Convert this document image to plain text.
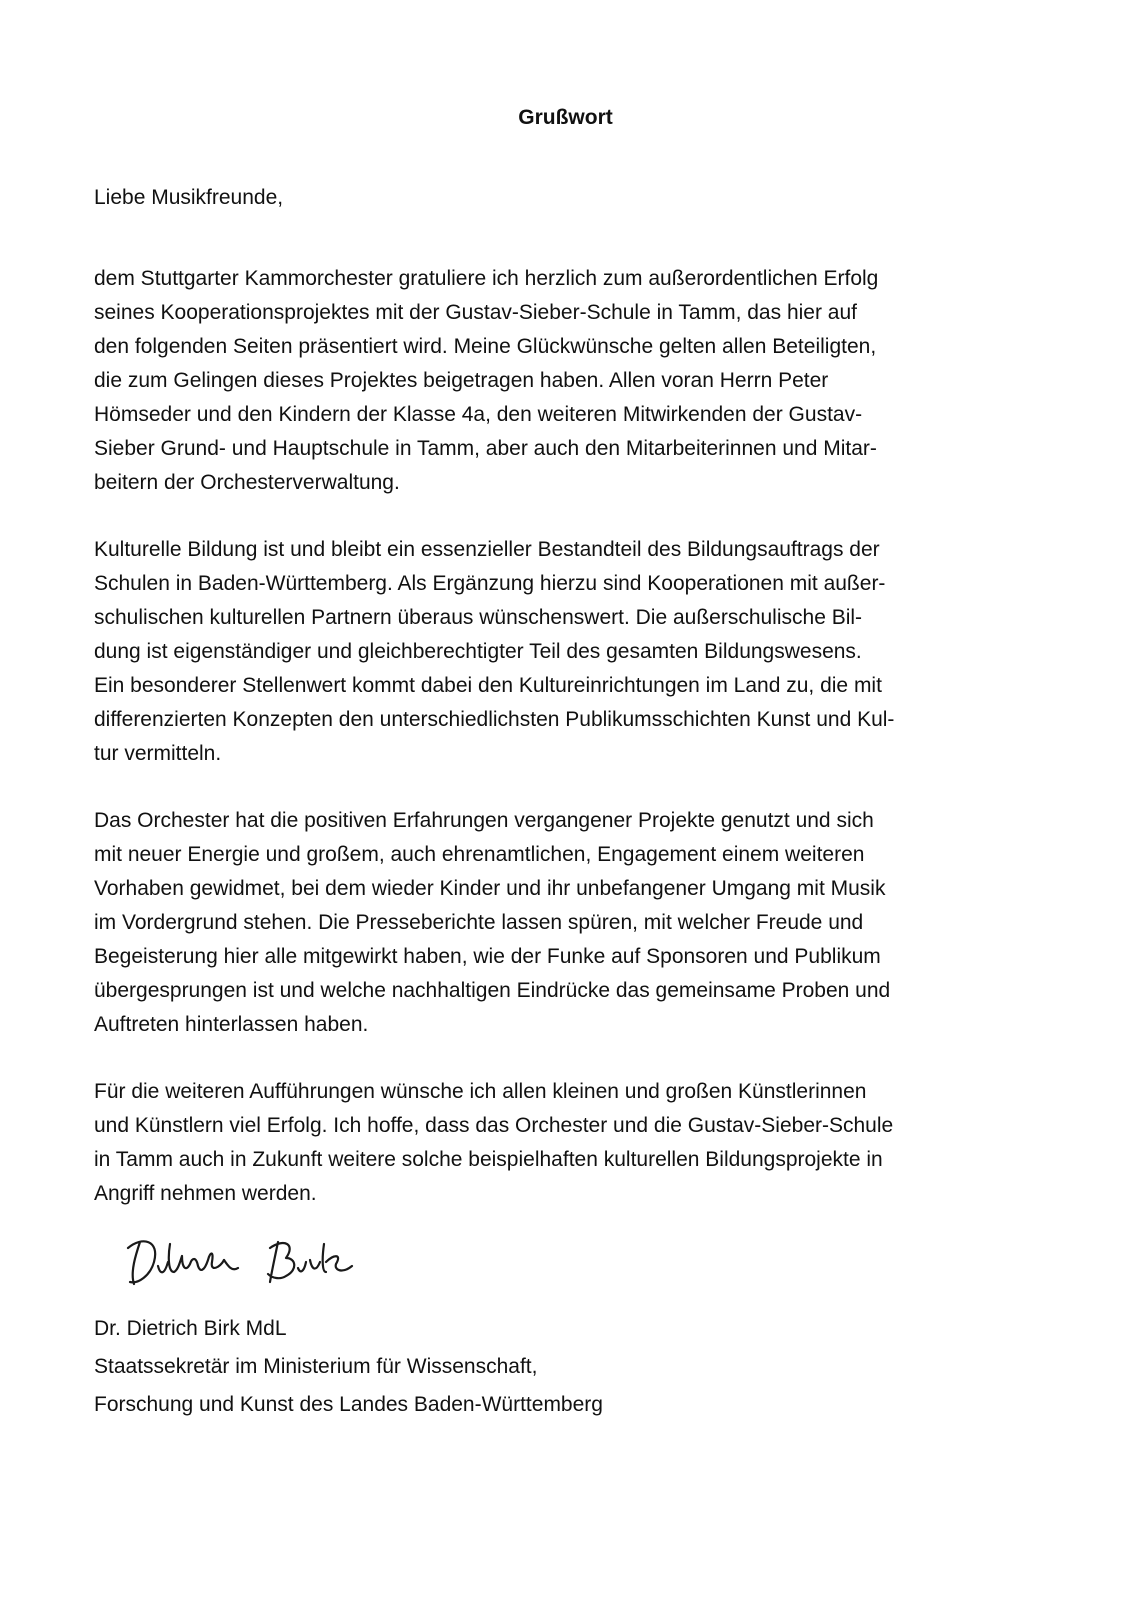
Grußwort

Liebe Musikfreunde,

dem Stuttgarter Kammorchester gratuliere ich herzlich zum außerordentlichen Erfolg
seines Kooperationsprojektes mit der Gustav-Sieber-Schule in Tamm, das hier auf
den folgenden Seiten präsentiert wird. Meine Glückwünsche gelten allen Beteiligten,
die zum Gelingen dieses Projektes beigetragen haben. Allen voran Herrn Peter
Hömseder und den Kindern der Klasse 4a, den weiteren Mitwirkenden der Gustav-
Sieber Grund- und Hauptschule in Tamm, aber auch den Mitarbeiterinnen und Mitar-
beitern der Orchesterverwaltung.

Kulturelle Bildung ist und bleibt ein essenzieller Bestandteil des Bildungsauftrags der
Schulen in Baden-Württemberg. Als Ergänzung hierzu sind Kooperationen mit außer-
schulischen kulturellen Partnern überaus wünschenswert. Die außerschulische Bil-
dung ist eigenständiger und gleichberechtigter Teil des gesamten Bildungswesens.
Ein besonderer Stellenwert kommt dabei den Kultureinrichtungen im Land zu, die mit
differenzierten Konzepten den unterschiedlichsten Publikumsschichten Kunst und Kul-
tur vermitteln.

Das Orchester hat die positiven Erfahrungen vergangener Projekte genutzt und sich
mit neuer Energie und großem, auch ehrenamtlichen, Engagement einem weiteren
Vorhaben gewidmet, bei dem wieder Kinder und ihr unbefangener Umgang mit Musik
im Vordergrund stehen. Die Presseberichte lassen spüren, mit welcher Freude und
Begeisterung hier alle mitgewirkt haben, wie der Funke auf Sponsoren und Publikum
übergesprungen ist und welche nachhaltigen Eindrücke das gemeinsame Proben und
Auftreten hinterlassen haben.

Für die weiteren Aufführungen wünsche ich allen kleinen und großen Künstlerinnen
und Künstlern viel Erfolg. Ich hoffe, dass das Orchester und die Gustav-Sieber-Schule
in Tamm auch in Zukunft weitere solche beispielhaften kulturellen Bildungsprojekte in
Angriff nehmen werden.

Dr. Dietrich Birk MdL
Staatssekretär im Ministerium für Wissenschaft,
Forschung und Kunst des Landes Baden-Württemberg
